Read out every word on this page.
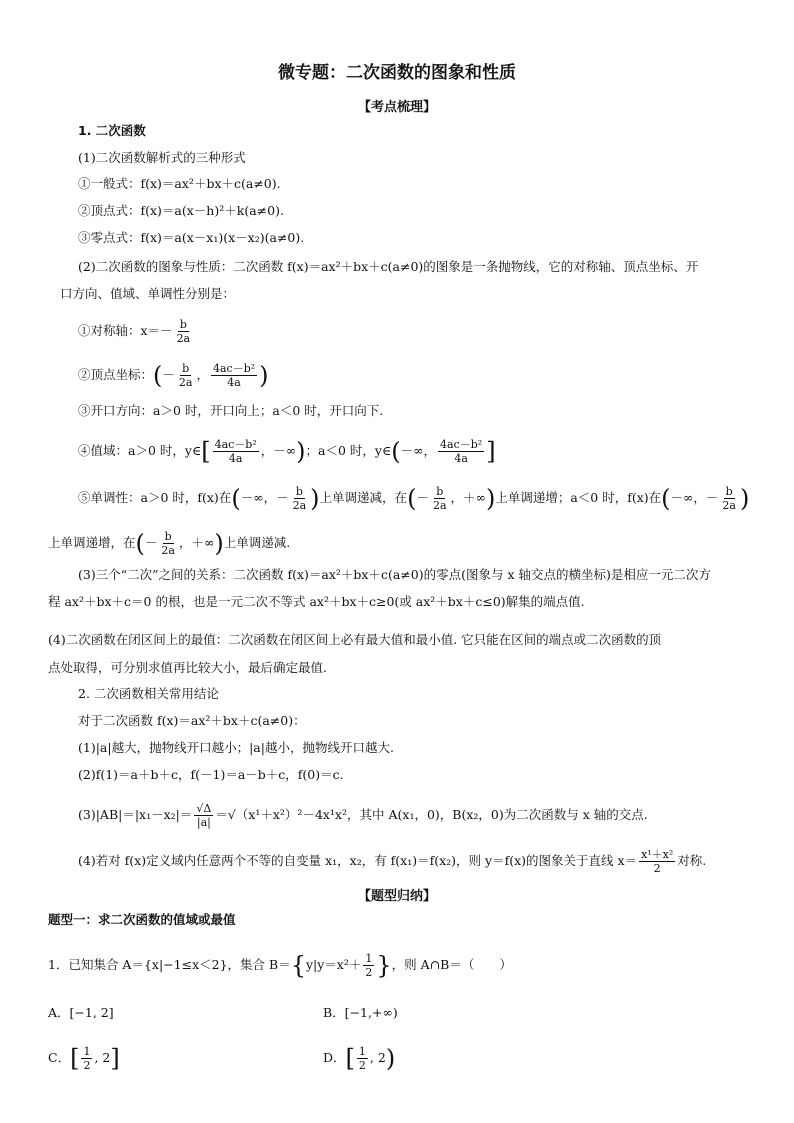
微专题：二次函数的图象和性质
【考点梳理】
1. 二次函数
(1)二次函数解析式的三种形式
①一般式：f(x)＝ax²＋bx＋c(a≠0).
②顶点式：f(x)＝a(x－h)²＋k(a≠0).
③零点式：f(x)＝a(x－x₁)(x－x₂)(a≠0).
(2)二次函数的图象与性质：二次函数 f(x)＝ax²＋bx＋c(a≠0)的图象是一条抛物线，它的对称轴、顶点坐标、开
口方向、值域、单调性分别是：
①对称轴：$x=- \frac{b}{2a}$
②顶点坐标：(－ $\frac{b}{2a}$ ， $\frac{\text{4ac－b²}}{4a}$ )
③开口方向：a＞0 时，开口向上；a＜0 时，开口向下.
④值域：a＞0 时，y∈[ $\frac{\text{4ac－b²}}{4a}$ ，－∞)；a＜0 时，y∈(－∞， $\frac{\text{4ac－b²}}{4a}$ ]
⑤单调性：a＞0 时，f(x)在(－∞，－ $\frac{b}{2a}$ )上单调递减，在(－ $\frac{b}{2a}$ ，＋∞)上单调递增；a＜0 时，f(x)在(－∞，－ $\frac{b}{2a}$ )
上单调递增，在(－ $\frac{b}{2a}$ ，＋∞)上单调递减.
(3)三个“二次”之间的关系：二次函数 f(x)＝ax²＋bx＋c(a≠0)的零点(图象与 x 轴交点的横坐标)是相应一元二次方
程 ax²＋bx＋c＝0 的根，也是一元二次不等式 ax²＋bx＋c≥0(或 ax²＋bx＋c≤0)解集的端点值.
(4)二次函数在闭区间上的最值：二次函数在闭区间上必有最大值和最小值. 它只能在区间的端点或二次函数的顶
点处取得，可分别求值再比较大小，最后确定最值.
2. 二次函数相关常用结论
对于二次函数 f(x)＝ax²＋bx＋c(a≠0)：
(1)|a|越大，抛物线开口越小；|a|越小，抛物线开口越大.
(2)f(1)＝a＋b＋c，f(－1)＝a－b＋c，f(0)＝c.
$(3)|AB|=|x_1-x_2|= \frac{√\Delta}{|a|} =√(x^1+x^2)^2-4x^1x^2$，其中 A(x₁，0)，B(x₂，0)为二次函数与 x 轴的交点.
(4)若对 f(x)定义域内任意两个不等的自变量 x₁，x₂，有 f(x₁)＝f(x₂)，则 y＝f(x)的图象关于直线 $x= \frac{\text{x¹＋x²}}{2}$ 对称.
【题型归纳】
题型一：求二次函数的值域或最值
1．已知集合 A＝{x|−1≤x＜2}，集合 $B=\{y|y=x^2+ \frac{1}{2}$ }，则 A∩B＝（　　）
A．[−1, 2]	B．[−1,+∞)
C．[ $\frac{1}{2}$ , 2]	D．[ $\frac{1}{2}$ , 2)
